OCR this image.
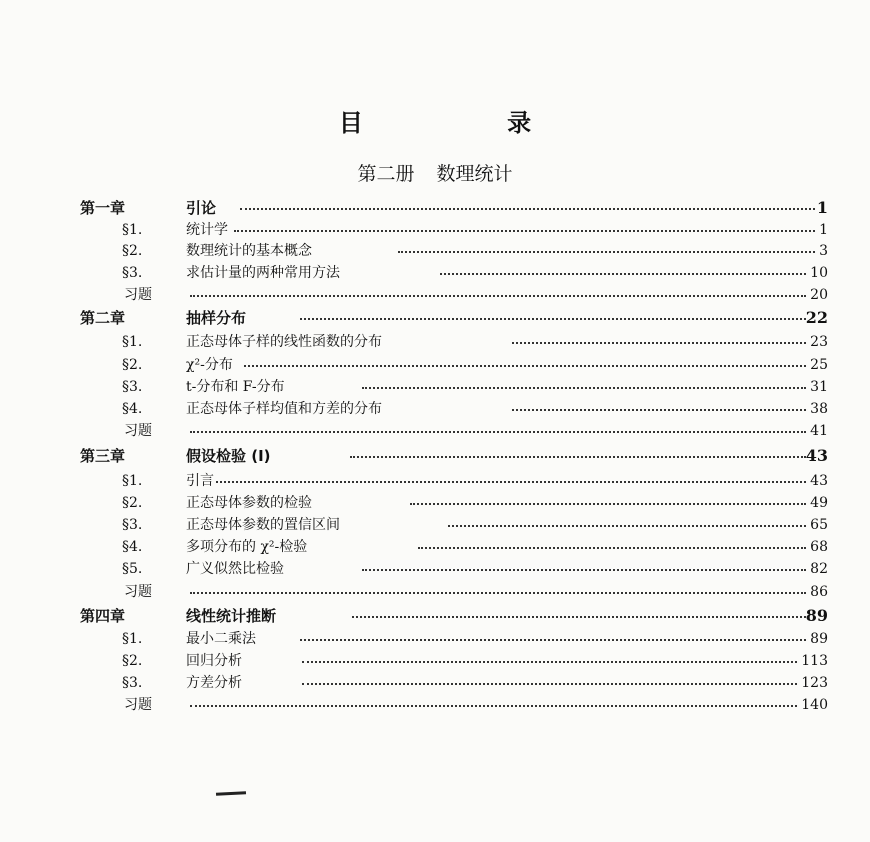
目 录
第二册 数理统计
第一章	引论	1
§1.	统计学	1
§2.	数理统计的基本概念	3
§3.	求估计量的两种常用方法	10
习题	20
第二章	抽样分布	22
§1.	正态母体子样的线性函数的分布	23
§2.	χ²-分布	25
§3.	t-分布和 F-分布	31
§4.	正态母体子样均值和方差的分布	38
习题	41
第三章	假设检验 (I)	43
§1.	引言	43
§2.	正态母体参数的检验	49
§3.	正态母体参数的置信区间	65
§4.	多项分布的 χ²-检验	68
§5.	广义似然比检验	82
习题	86
第四章	线性统计推断	89
§1.	最小二乘法	89
§2.	回归分析	113
§3.	方差分析	123
习题	140
